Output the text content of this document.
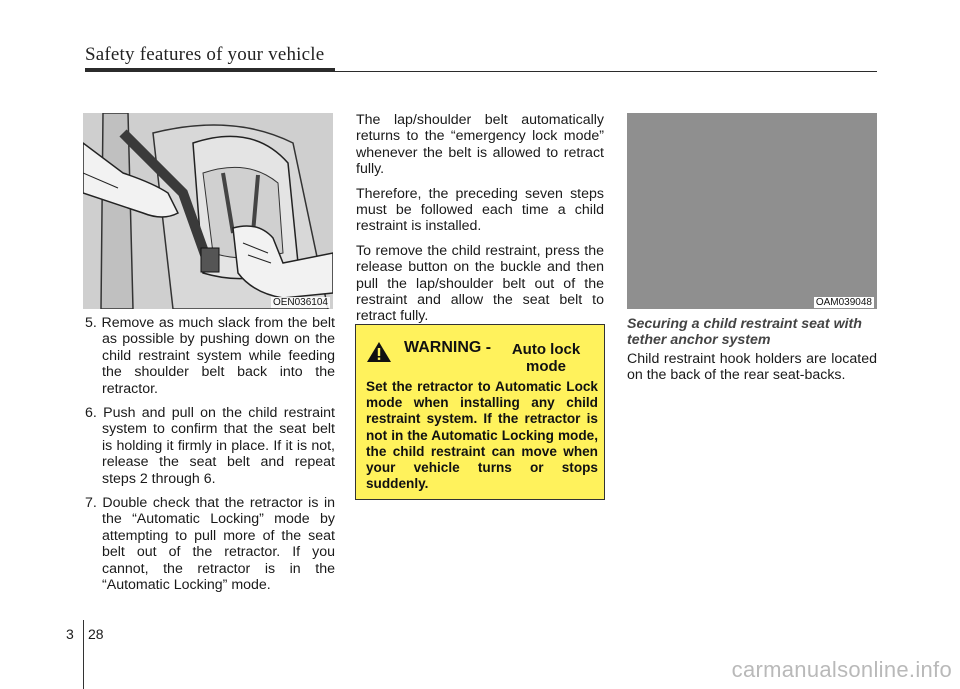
Safety features of your vehicle
OEN036104

5. Remove as much slack from the belt as possible by pushing down on the child restraint system while feeding the shoulder belt back into the retractor.

6. Push and pull on the child restraint system to confirm that the seat belt is holding it firmly in place. If it is not, release the seat belt and repeat steps 2 through 6.

7. Double check that the retractor is in the “Automatic Locking” mode by attempting to pull more of the seat belt out of the retractor. If you cannot, the retractor is in the “Automatic Locking” mode.

The lap/shoulder belt automatically returns to the “emergency lock mode” whenever the belt is allowed to retract fully.

Therefore, the preceding seven steps must be followed each time a child restraint is installed.

To remove the child restraint, press the release button on the buckle and then pull the lap/shoulder belt out of the restraint and allow the seat belt to retract fully.

WARNING -	Auto lock mode
Set the retractor to Automatic Lock mode when installing any child restraint system. If the retractor is not in the Automatic Locking mode, the child restraint can move when your vehicle turns or stops suddenly.
OAM039048
Securing a child restraint seat with tether anchor system

Child restraint hook holders are located on the back of the rear seat-backs.

3 28
carmanualsonline.info
